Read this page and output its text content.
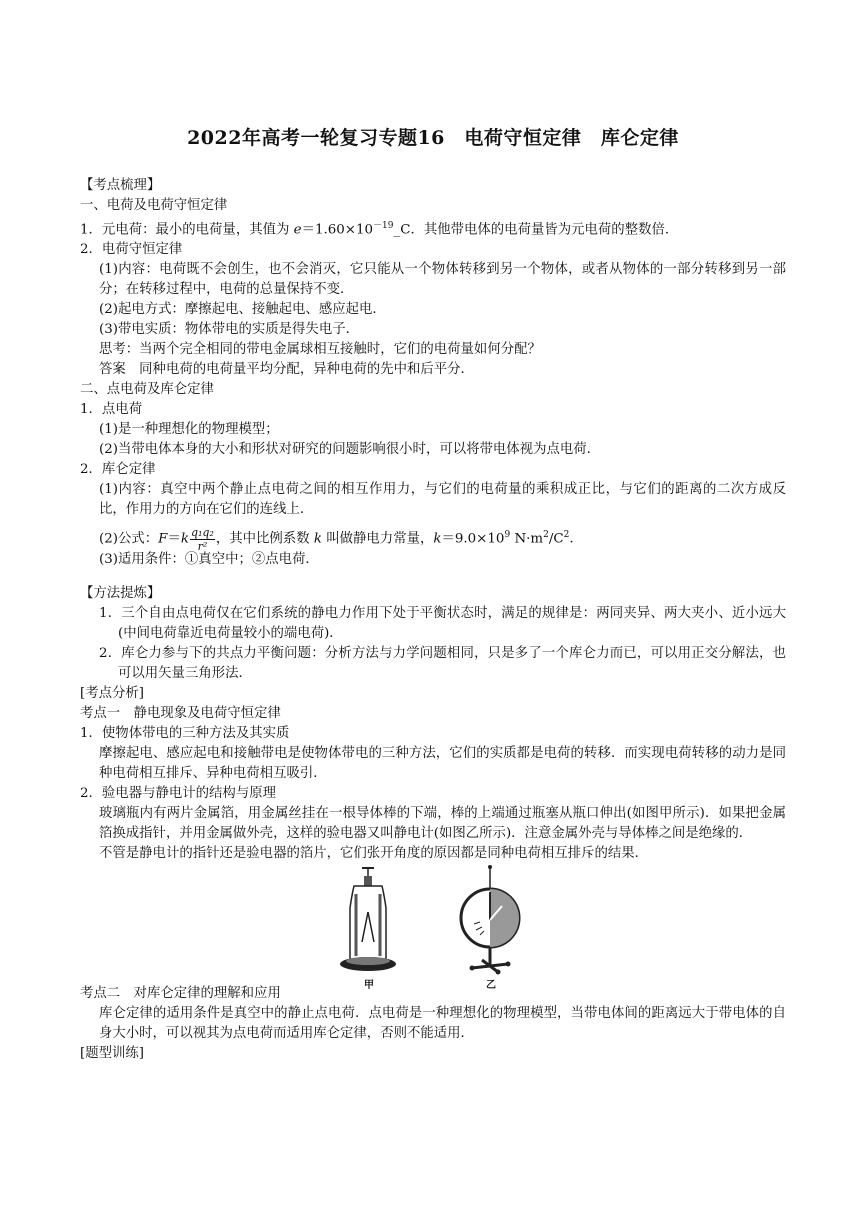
2022年高考一轮复习专题16　电荷守恒定律　库仑定律
【考点梳理】
一、电荷及电荷守恒定律
1．元电荷：最小的电荷量，其值为 $e=1.60\times 10^{-19}\_C$．其他带电体的电荷量皆为元电荷的整数倍．
2．电荷守恒定律
(1)内容：电荷既不会创生，也不会消灭，它只能从一个物体转移到另一个物体，或者从物体的一部分转移到另一部分；在转移过程中，电荷的总量保持不变．
(2)起电方式：摩擦起电、接触起电、感应起电．
(3)带电实质：物体带电的实质是得失电子．
思考：当两个完全相同的带电金属球相互接触时，它们的电荷量如何分配？
答案　同种电荷的电荷量平均分配，异种电荷的先中和后平分．
二、点电荷及库仑定律
1．点电荷
(1)是一种理想化的物理模型；
(2)当带电体本身的大小和形状对研究的问题影响很小时，可以将带电体视为点电荷．
2．库仑定律
(1)内容：真空中两个静止点电荷之间的相互作用力，与它们的电荷量的乘积成正比，与它们的距离的二次方成反比，作用力的方向在它们的连线上．
(2)公式：$F=k \frac{\text{q₁q₂}}{\text{r²}}$ ，其中比例系数 k 叫做静电力常量，$k=9.0\times 10^9$ $N\cdot m^2/C^2$.
(3)适用条件：①真空中；②点电荷．
【方法提炼】
1．三个自由点电荷仅在它们系统的静电力作用下处于平衡状态时，满足的规律是：两同夹异、两大夹小、近小远大(中间电荷靠近电荷量较小的端电荷)．
2．库仑力参与下的共点力平衡问题：分析方法与力学问题相同，只是多了一个库仑力而已，可以用正交分解法，也可以用矢量三角形法．
[考点分析]
考点一　静电现象及电荷守恒定律
1．使物体带电的三种方法及其实质
摩擦起电、感应起电和接触带电是使物体带电的三种方法，它们的实质都是电荷的转移．而实现电荷转移的动力是同种电荷相互排斥、异种电荷相互吸引．
2．验电器与静电计的结构与原理
玻璃瓶内有两片金属箔，用金属丝挂在一根导体棒的下端，棒的上端通过瓶塞从瓶口伸出(如图甲所示)．如果把金属箔换成指针，并用金属做外壳，这样的验电器又叫静电计(如图乙所示)．注意金属外壳与导体棒之间是绝缘的．
不管是静电计的指针还是验电器的箔片，它们张开角度的原因都是同种电荷相互排斥的结果．
甲	乙
考点二　对库仑定律的理解和应用
库仑定律的适用条件是真空中的静止点电荷．点电荷是一种理想化的物理模型，当带电体间的距离远大于带电体的自身大小时，可以视其为点电荷而适用库仑定律，否则不能适用．
[题型训练]
